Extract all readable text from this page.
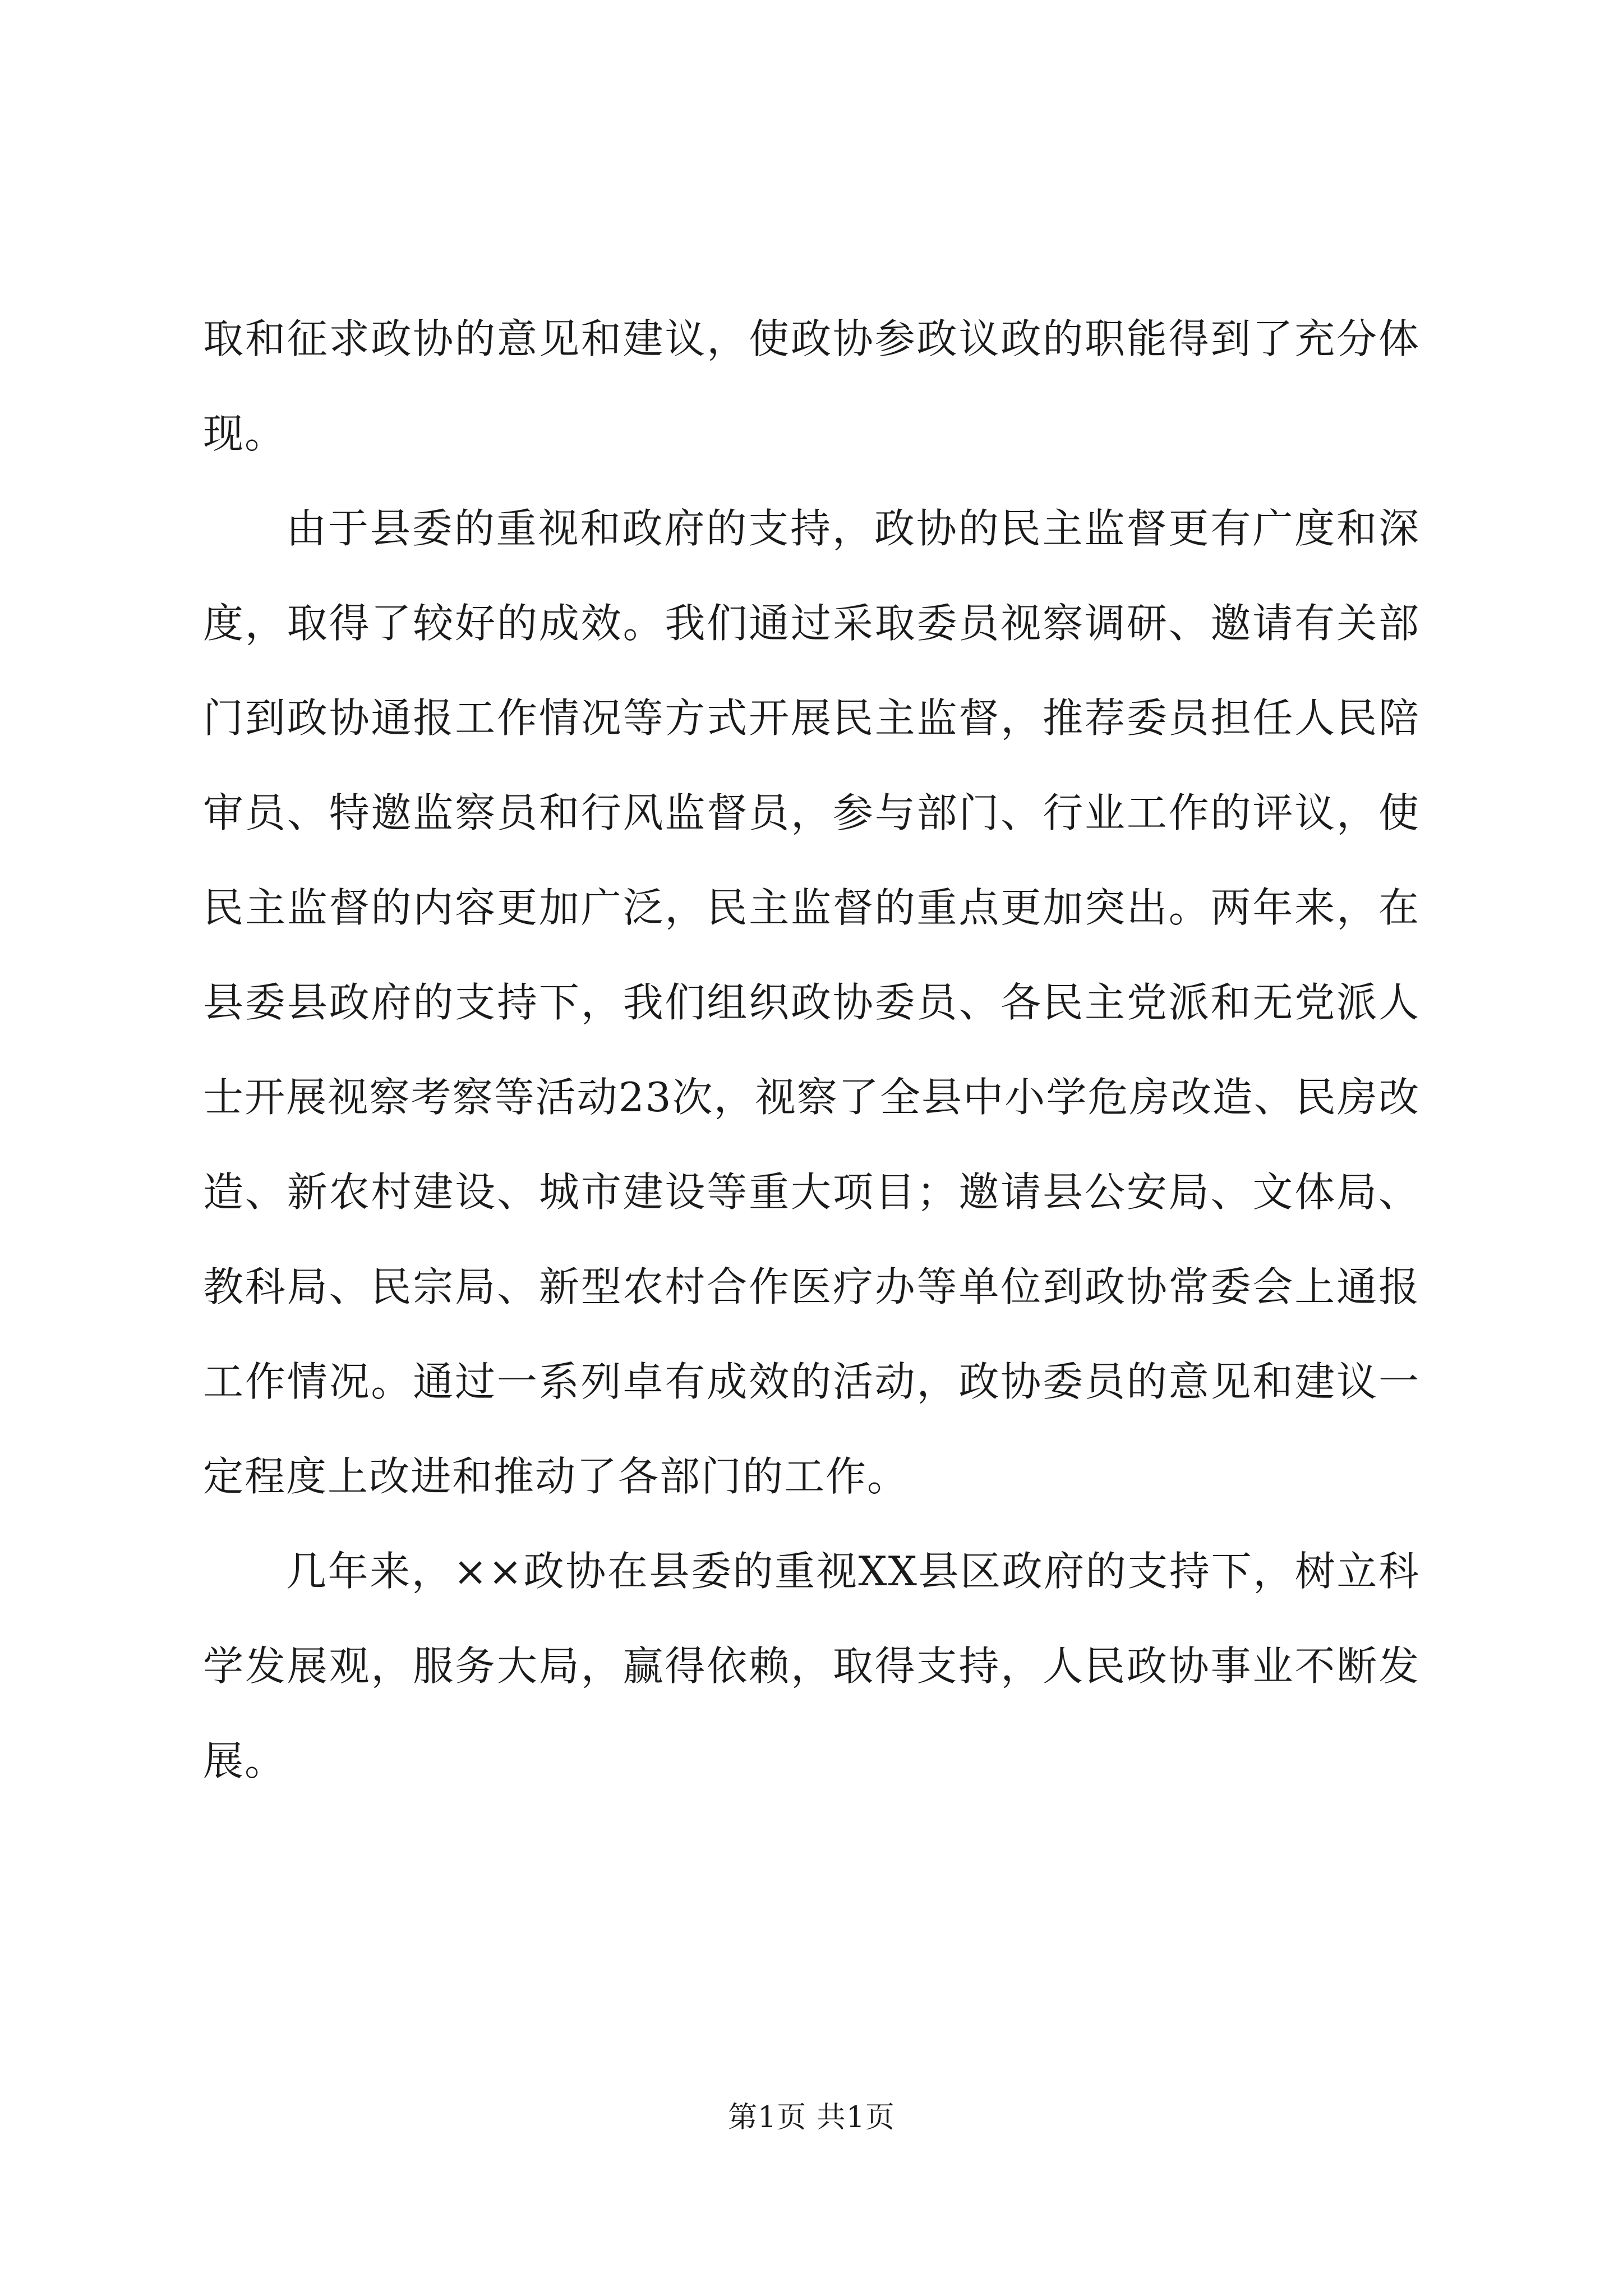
取和征求政协的意见和建议，使政协参政议政的职能得到了充分体现。

由于县委的重视和政府的支持，政协的民主监督更有广度和深度，取得了较好的成效。我们通过采取委员视察调研、邀请有关部门到政协通报工作情况等方式开展民主监督，推荐委员担任人民陪审员、特邀监察员和行风监督员，参与部门、行业工作的评议，使民主监督的内容更加广泛，民主监督的重点更加突出。两年来，在县委县政府的支持下，我们组织政协委员、各民主党派和无党派人士开展视察考察等活动23次，视察了全县中小学危房改造、民房改造、新农村建设、城市建设等重大项目；邀请县公安局、文体局、教科局、民宗局、新型农村合作医疗办等单位到政协常委会上通报工作情况。通过一系列卓有成效的活动，政协委员的意见和建议一定程度上改进和推动了各部门的工作。

几年来，××政协在县委的重视XX县区政府的支持下，树立科学发展观，服务大局，赢得依赖，取得支持，人民政协事业不断发展。

第1页 共1页
